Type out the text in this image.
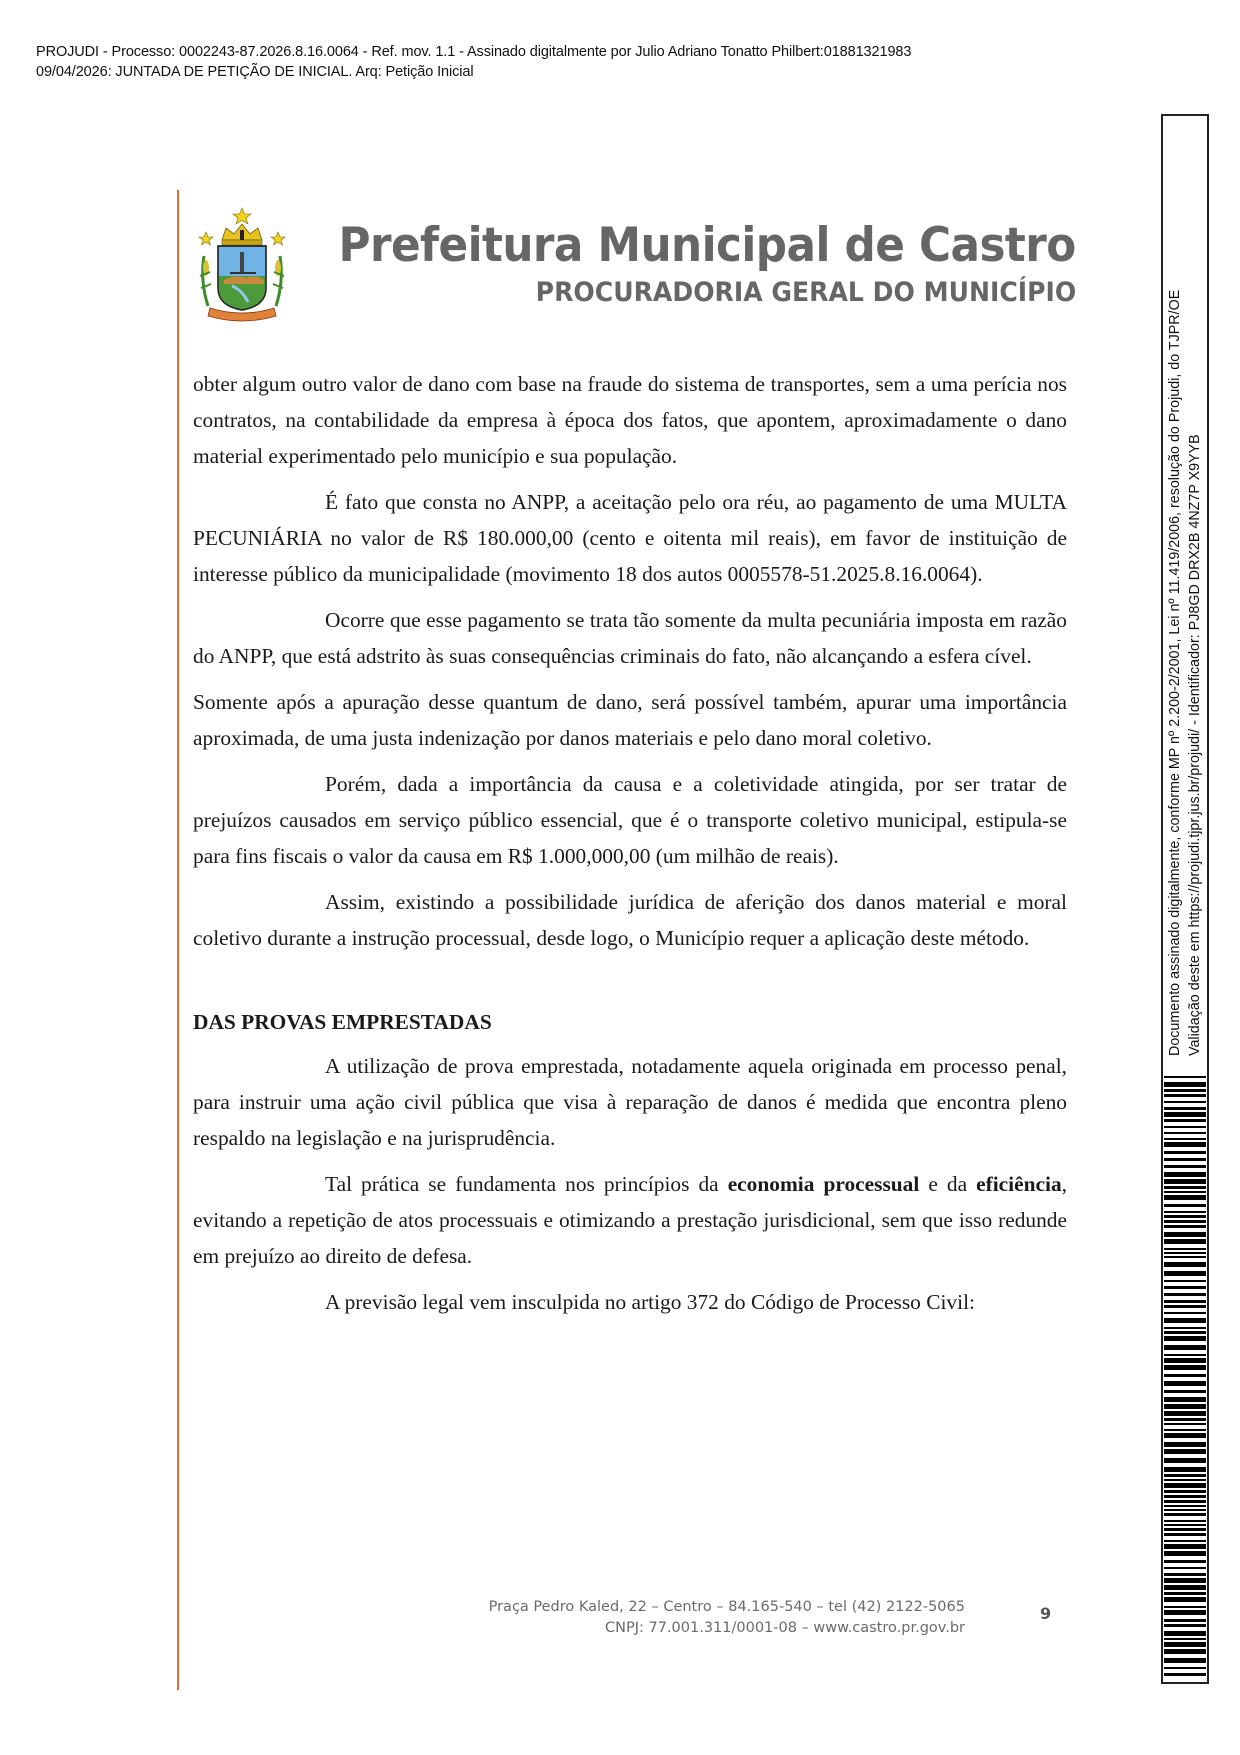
PROJUDI - Processo: 0002243-87.2026.8.16.0064 - Ref. mov. 1.1 - Assinado digitalmente por Julio Adriano Tonatto Philbert:01881321983
09/04/2026: JUNTADA DE PETIÇÃO DE INICIAL. Arq: Petição Inicial
Prefeitura Municipal de Castro
PROCURADORIA GERAL DO MUNICÍPIO

obter algum outro valor de dano com base na fraude do sistema de transportes, sem a uma perícia nos contratos, na contabilidade da empresa à época dos fatos, que apontem, aproximadamente o dano material experimentado pelo município e sua população.

É fato que consta no ANPP, a aceitação pelo ora réu, ao pagamento de uma MULTA PECUNIÁRIA no valor de R$ 180.000,00 (cento e oitenta mil reais), em favor de instituição de interesse público da municipalidade (movimento 18 dos autos 0005578-51.2025.8.16.0064).

Ocorre que esse pagamento se trata tão somente da multa pecuniária imposta em razão do ANPP, que está adstrito às suas consequências criminais do fato, não alcançando a esfera cível.

Somente após a apuração desse quantum de dano, será possível também, apurar uma importância aproximada, de uma justa indenização por danos materiais e pelo dano moral coletivo.

Porém, dada a importância da causa e a coletividade atingida, por ser tratar de prejuízos causados em serviço público essencial, que é o transporte coletivo municipal, estipula-se para fins fiscais o valor da causa em R$ 1.000,000,00 (um milhão de reais).

Assim, existindo a possibilidade jurídica de aferição dos danos material e moral coletivo durante a instrução processual, desde logo, o Município requer a aplicação deste método.

DAS PROVAS EMPRESTADAS

A utilização de prova emprestada, notadamente aquela originada em processo penal, para instruir uma ação civil pública que visa à reparação de danos é medida que encontra pleno respaldo na legislação e na jurisprudência.

Tal prática se fundamenta nos princípios da economia processual e da eficiência, evitando a repetição de atos processuais e otimizando a prestação jurisdicional, sem que isso redunde em prejuízo ao direito de defesa.

A previsão legal vem insculpida no artigo 372 do Código de Processo Civil:

Praça Pedro Kaled, 22 – Centro – 84.165-540 – tel (42) 2122-5065
CNPJ: 77.001.311/0001-08 – www.castro.pr.gov.br
9
Documento assinado digitalmente, conforme MP nº 2.200-2/2001, Lei nº 11.419/2006, resolução do Projudi, do TJPR/OE Validação deste em https://projudi.tjpr.jus.br/projudi/ - Identificador: PJ8GD DRX2B 4NZ7P X9YYB
